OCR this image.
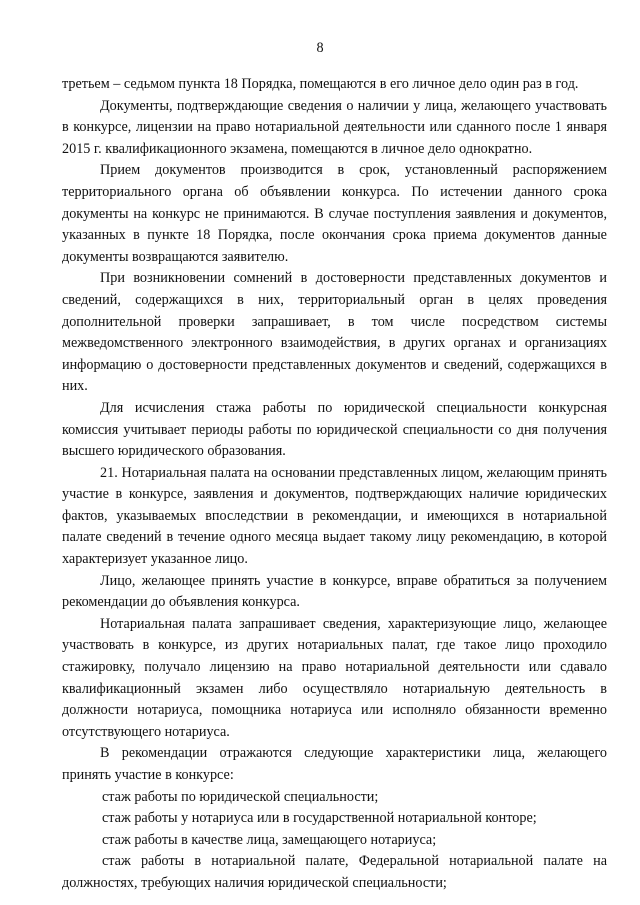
8

третьем – седьмом пункта 18 Порядка, помещаются в его личное дело один раз в год.

Документы, подтверждающие сведения о наличии у лица, желающего участвовать в конкурсе, лицензии на право нотариальной деятельности или сданного после 1 января 2015 г. квалификационного экзамена, помещаются в личное дело однократно.

Прием документов производится в срок, установленный распоряжением территориального органа об объявлении конкурса. По истечении данного срока документы на конкурс не принимаются. В случае поступления заявления и документов, указанных в пункте 18 Порядка, после окончания срока приема документов данные документы возвращаются заявителю.

При возникновении сомнений в достоверности представленных документов и сведений, содержащихся в них, территориальный орган в целях проведения дополнительной проверки запрашивает, в том числе посредством системы межведомственного электронного взаимодействия, в других органах и организациях информацию о достоверности представленных документов и сведений, содержащихся в них.

Для исчисления стажа работы по юридической специальности конкурсная комиссия учитывает периоды работы по юридической специальности со дня получения высшего юридического образования.

21. Нотариальная палата на основании представленных лицом, желающим принять участие в конкурсе, заявления и документов, подтверждающих наличие юридических фактов, указываемых впоследствии в рекомендации, и имеющихся в нотариальной палате сведений в течение одного месяца выдает такому лицу рекомендацию, в которой характеризует указанное лицо.

Лицо, желающее принять участие в конкурсе, вправе обратиться за получением рекомендации до объявления конкурса.

Нотариальная палата запрашивает сведения, характеризующие лицо, желающее участвовать в конкурсе, из других нотариальных палат, где такое лицо проходило стажировку, получало лицензию на право нотариальной деятельности или сдавало квалификационный экзамен либо осуществляло нотариальную деятельность в должности нотариуса, помощника нотариуса или исполняло обязанности временно отсутствующего нотариуса.

В рекомендации отражаются следующие характеристики лица, желающего принять участие в конкурсе:

стаж работы по юридической специальности;

стаж работы у нотариуса или в государственной нотариальной конторе;

стаж работы в качестве лица, замещающего нотариуса;

стаж работы в нотариальной палате, Федеральной нотариальной палате на должностях, требующих наличия юридической специальности;
